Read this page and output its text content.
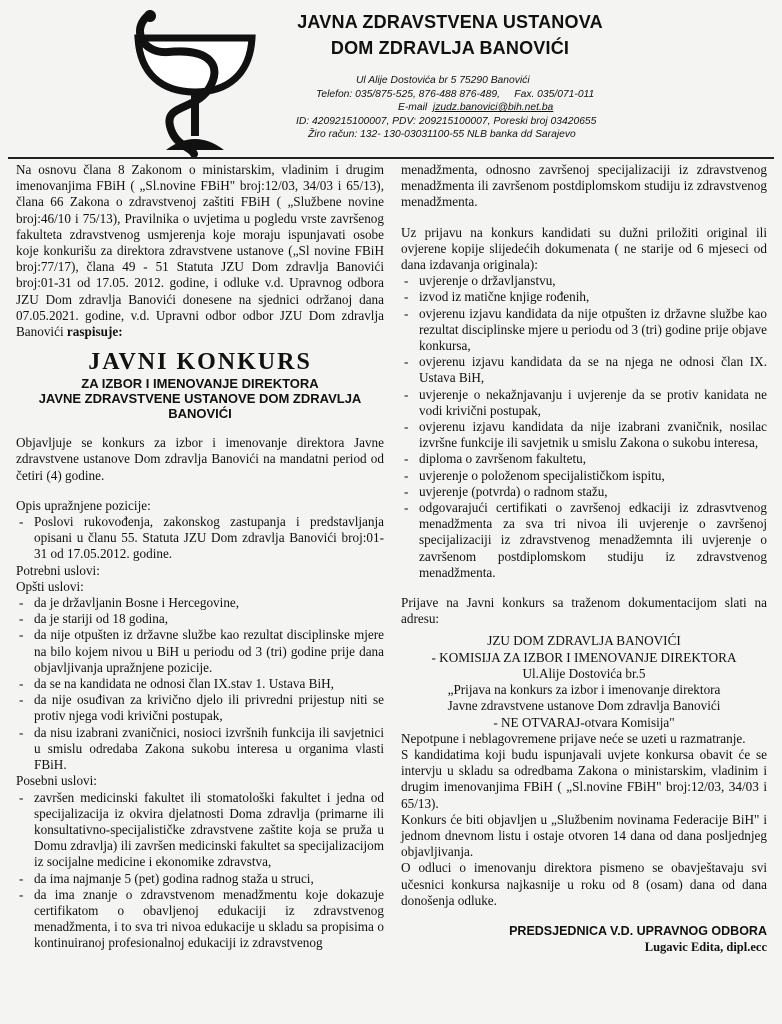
JAVNA ZDRAVSTVENA USTANOVA
DOM ZDRAVLJA BANOVIĆI
Ul Alije Dostovića br 5 75290 Banovići
Telefon: 035/875-525, 876-488 876-489, Fax. 035/071-011
E-mail jzudz.banovici@bih.net.ba
ID: 4209215100007, PDV: 209215100007, Poreski broj 03420655
Žiro račun: 132- 130-03031100-55 NLB banka dd Sarajevo

Na osnovu člana 8 Zakonom o ministarskim, vladinim i drugim imenovanjima FBiH ( „Sl.novine FBiH" broj:12/03, 34/03 i 65/13), člana 66 Zakona o zdravstvenoj zaštiti FBiH ( „Službene novine broj:46/10 i 75/13), Pravilnika o uvjetima u pogledu vrste završenog fakulteta zdravstvenog usmjerenja koje moraju ispunjavati osobe koje konkurišu za direktora zdravstvene ustanove („Sl novine FBiH broj:77/17), člana 49 - 51 Statuta JZU Dom zdravlja Banovići broj:01-31 od 17.05. 2012. godine, i odluke v.d. Upravnog odbora JZU Dom zdravlja Banovići donesene na sjednici održanoj dana 07.05.2021. godine, v.d. Upravni odbor odbor JZU Dom zdravlja Banovići raspisuje:

JAVNI KONKURS
ZA IZBOR I IMENOVANJE DIREKTORA
JAVNE ZDRAVSTVENE USTANOVE DOM ZDRAVLJA
BANOVIĆI

Objavljuje se konkurs za izbor i imenovanje direktora Javne zdravstvene ustanove Dom zdravlja Banovići na mandatni period od četiri (4) godine.

Opis upražnjene pozicije:

- Poslovi rukovođenja, zakonskog zastupanja i predstavljanja opisani u članu 55. Statuta JZU Dom zdravlja Banovići broj:01-31 od 17.05.2012. godine.

Potrebni uslovi:

Opšti uslovi:

- da je državljanin Bosne i Hercegovine,
- da je stariji od 18 godina,
- da nije otpušten iz državne službe kao rezultat disciplinske mjere na bilo kojem nivou u BiH u periodu od 3 (tri) godine prije dana objavljivanja upražnjene pozicije.
- da se na kandidata ne odnosi član IX.stav 1. Ustava BiH,
- da nije osuđivan za krivično djelo ili privredni prijestup niti se protiv njega vodi krivični postupak,
- da nisu izabrani zvaničnici, nosioci izvršnih funkcija ili savjetnici u smislu odredaba Zakona sukobu interesa u organima vlasti FBiH.

Posebni uslovi:

- završen medicinski fakultet ili stomatološki fakultet i jedna od specijalizacija iz okvira djelatnosti Doma zdravlja (primarne ili konsultativno-specijalističke zdravstvene zaštite koja se pruža u Domu zdravlja) ili završen medicinski fakultet sa specijalizacijom iz socijalne medicine i ekonomike zdravstva,
- da ima najmanje 5 (pet) godina radnog staža u struci,
- da ima znanje o zdravstvenom menadžmentu koje dokazuje certifikatom o obavljenoj edukaciji iz zdravstvenog menadžmenta, i to sva tri nivoa edukacije u skladu sa propisima o kontinuiranoj profesionalnoj edukaciji iz zdravstvenog

menadžmenta, odnosno završenoj specijalizaciji iz zdravstvenog menadžmenta ili završenom postdiplomskom studiju iz zdravstvenog menadžmenta.

Uz prijavu na konkurs kandidati su dužni priložiti original ili ovjerene kopije slijedećih dokumenata ( ne starije od 6 mjeseci od dana izdavanja originala):

- uvjerenje o državljanstvu,
- izvod iz matične knjige rođenih,
- ovjerenu izjavu kandidata da nije otpušten iz državne službe kao rezultat disciplinske mjere u periodu od 3 (tri) godine prije objave konkursa,
- ovjerenu izjavu kandidata da se na njega ne odnosi član IX. Ustava BiH,
- uvjerenje o nekažnjavanju i uvjerenje da se protiv kanidata ne vodi krivični postupak,
- ovjerenu izjavu kandidata da nije izabrani zvaničnik, nosilac izvršne funkcije ili savjetnik u smislu Zakona o sukobu interesa,
- diploma o završenom fakultetu,
- uvjerenje o položenom specijalističkom ispitu,
- uvjerenje (potvrda) o radnom stažu,
- odgovarajući certifikati o završenoj edkaciji iz zdrasvtvenog menadžmenta za sva tri nivoa ili uvjerenje o završenoj specijalizaciji iz zdravstvenog menadžemnta ili uvjerenje o završenom postdiplomskom studiju iz zdravstvenog menadžmenta.

Prijave na Javni konkurs sa traženom dokumentacijom slati na adresu:

JZU DOM ZDRAVLJA BANOVIĆI
- KOMISIJA ZA IZBOR I IMENOVANJE DIREKTORA
Ul.Alije Dostovića br.5
„Prijava na konkurs za izbor i imenovanje direktora
Javne zdravstvene ustanove Dom zdravlja Banovići
- NE OTVARAJ-otvara Komisija"

Nepotpune i neblagovremene prijave neće se uzeti u razmatranje.

S kandidatima koji budu ispunjavali uvjete konkursa obavit će se intervju u skladu sa odredbama Zakona o ministarskim, vladinim i drugim imenovanjima FBiH ( „Sl.novine FBiH" broj:12/03, 34/03 i 65/13).

Konkurs će biti objavljen u „Službenim novinama Federacije BiH" i jednom dnevnom listu i ostaje otvoren 14 dana od dana posljednjeg objavljivanja.

O odluci o imenovanju direktora pismeno se obavještavaju svi učesnici konkursa najkasnije u roku od 8 (osam) dana od dana donošenja odluke.

PREDSJEDNICA V.D. UPRAVNOG ODBORA
Lugavic Edita, dipl.ecc
